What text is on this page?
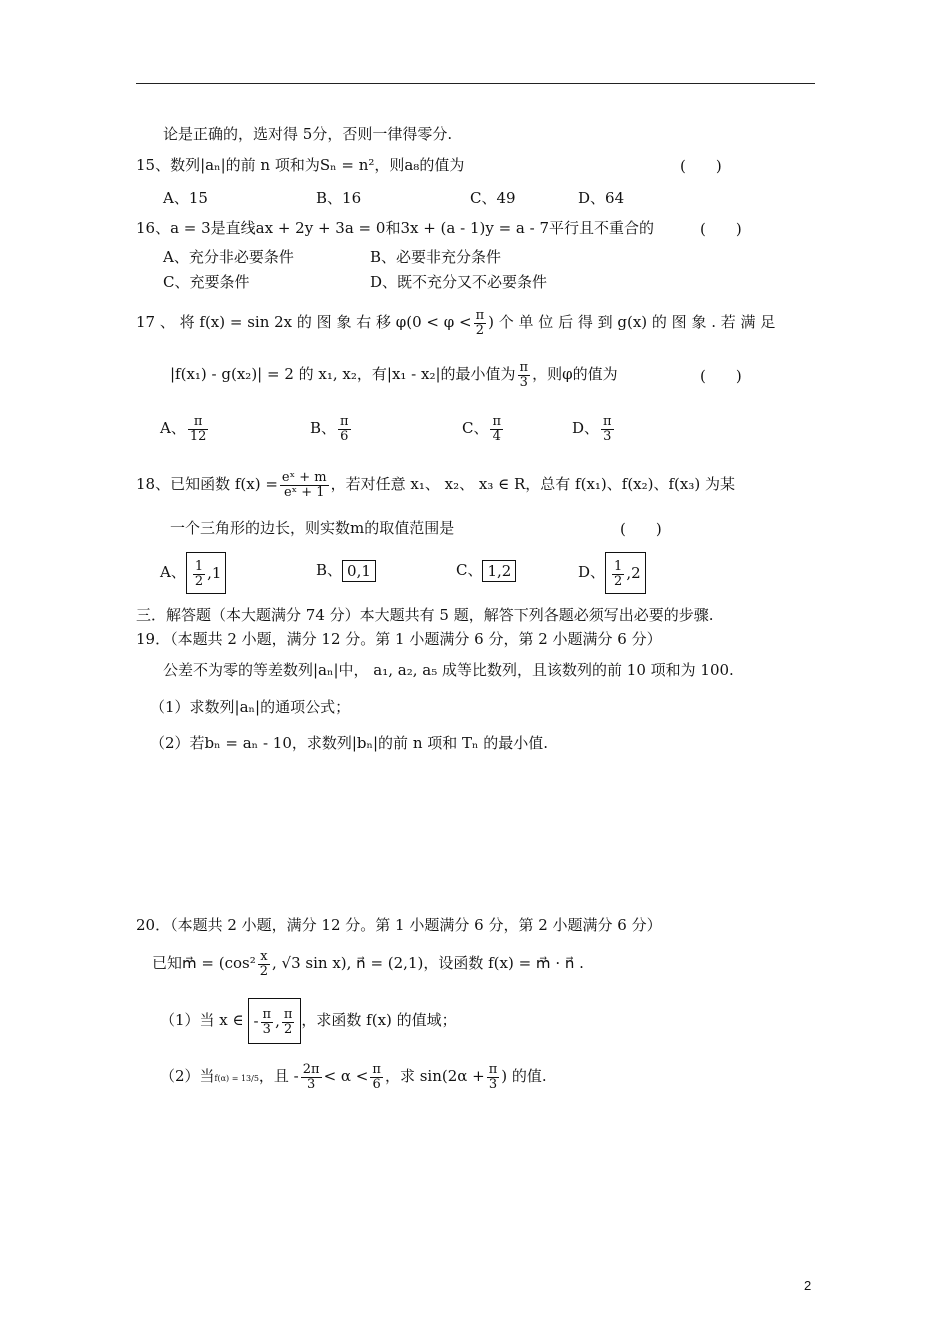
论是正确的，选对得 5分，否则一律得零分.
15、数列|aₙ|的前 n 项和为Sₙ = n²，则a₈的值为	(　　)
A、15	B、16	C、49	D、64
16、a = 3是直线ax + 2y + 3a = 0和3x + (a - 1)y = a - 7平行且不重合的	(　　)
A、充分非必要条件	B、必要非充分条件
C、充要条件	D、既不充分又不必要条件
17 、 将 f(x) = sin 2x 的 图 象 右 移 $\varphi(0 < \varphi < \frac{\pi}{2}$ ) 个 单 位 后 得 到 g(x) 的 图 象 . 若 满 足
|f(x₁) - g(x₂)| = 2 的 x₁, x₂，有|x₁ - x₂|的最小值为 $\frac{\pi}{3}$ ，则φ的值为	(　　)
A、 $\frac{\pi}{12}$	B、 $\frac{\pi}{6}$	C、 $\frac{\pi}{4}$	D、 $\frac{\pi}{3}$
18、已知函数 $f(x) = \frac{\text{eˣ + m}}{\text{eˣ + 1}}$ ，若对任意 x₁、 x₂、 x₃ ∈ R，总有 f(x₁)、f(x₂)、f(x₃) 为某
一个三角形的边长，则实数m的取值范围是	(　　)
A、 $\frac{1}{2} ,1$	B、 0,1	C、 1,2	D、 $\frac{1}{2} ,2$
三．解答题（本大题满分 74 分）本大题共有 5 题，解答下列各题必须写出必要的步骤.
19．（本题共 2 小题，满分 12 分。第 1 小题满分 6 分，第 2 小题满分 6 分）
公差不为零的等差数列|aₙ|中， a₁, a₂, a₅ 成等比数列，且该数列的前 10 项和为 100.
（1）求数列|aₙ|的通项公式；
（2）若bₙ = aₙ - 10，求数列|bₙ|的前 n 项和 Tₙ 的最小值.
20．（本题共 2 小题，满分 12 分。第 1 小题满分 6 分，第 2 小题满分 6 分）
已知m⃗ = ($\cos^2 \frac{x}{2}$ , √3 sin x), n⃗ = (2,1)，设函数 f(x) = m⃗ · n⃗ .
（1）当 x ∈ - $\frac{\pi}{3}$ , $\frac{\pi}{2}$ ，求函数 f(x) 的值域；
（2）当f(α) = 13/5，且 - $\frac{2\pi}{3} < \alpha < \frac{\pi}{6}$ ，求 $\sin(2\alpha + \frac{\pi}{3}$ ) 的值.
2
